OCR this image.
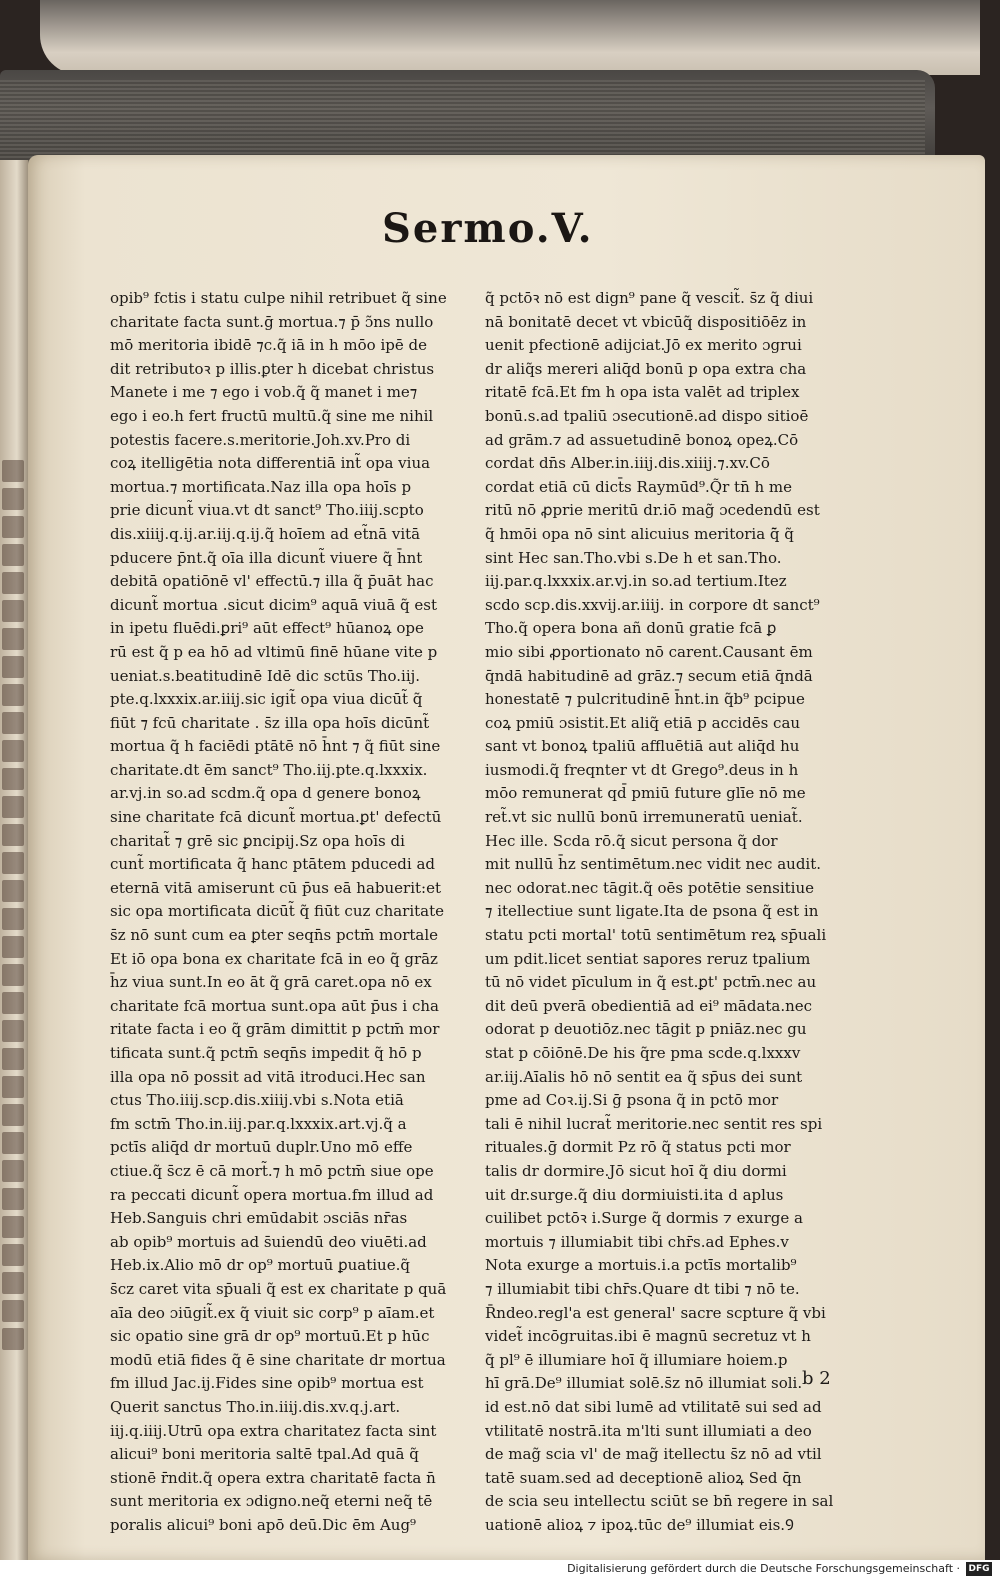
Sermo.V.
opib⁹ fctis i statu culpe nihil retribuet q̃ sine
charitate facta sunt.ḡ mortua.⁊ p̄ ɔ̃ns nullo
mō meritoria ibidē ⁊c.q̃ iā in h mōo ipē de
dit retributoꝛ p illis.ꝑter h dicebat christus
Manete i me ⁊ ego i vob.q̃ q̃ manet i me⁊
ego i eo.h fert fructū multū.q̃ sine me nihil
potestis facere.s.meritorie.Joh.xv.Pro di
coꝝ itelligētia nota differentiā int̃ opa viua
mortua.⁊ mortificata.Naz illa opa hoīs p
prie dicunt̃ viua.vt dt sanct⁹ Tho.iiij.scpto
dis.xiiij.q.ij.ar.iij.q.ij.q̃ hoīem ad et̃nā vitā
pducere p̄nt.q̃ oīa illa dicunt̃ viuere q̃ h̄nt
debitā opatiōnē vl' effectū.⁊ illa q̃ p̄uāt hac
dicunt̃ mortua .sicut dicim⁹ aquā viuā q̃ est
in ipetu fluēdi.ꝑri⁹ aūt effect⁹ hūanoꝝ ope
rū est q̃ p ea hō ad vltimū finē hūane vite p
ueniat.s.beatitudinē Idē dic sctūs Tho.iij.
pte.q.lxxxix.ar.iiij.sic igit̃ opa viua dicūt̃ q̃
fiūt ⁊ fcū charitate . s̄z illa opa hoīs dicūnt̃
mortua q̃ h faciēdi ptātē nō h̄nt ⁊ q̃ fiūt sine
charitate.dt ēm sanct⁹ Tho.iij.pte.q.lxxxix.
ar.vj.in so.ad scdm.q̃ opa d genere bonoꝝ
sine charitate fcā dicunt̃ mortua.ꝑt' defectū
charitat̃ ⁊ grē sic ꝑncipij.Sz opa hoīs di
cunt̃ mortificata q̃ hanc ptātem pducedi ad
eternā vitā amiserunt cū p̄us eā habuerit:et
sic opa mortificata dicūt̃ q̃ fiūt cuz charitate
s̄z nō sunt cum ea ꝑter seqn̄s pctm̄ mortale
Et iō opa bona ex charitate fcā in eo q̃ grāz
h̄z viua sunt.In eo āt q̃ grā caret.opa nō ex
charitate fcā mortua sunt.opa aūt p̄us i cha
ritate facta i eo q̃ grām dimittit p pctm̄ mor
tificata sunt.q̃ pctm̄ seqn̄s impedit q̃ hō p
illa opa nō possit ad vitā itroduci.Hec san
ctus Tho.iiij.scp.dis.xiiij.vbi s.Nota etiā
fm sctm̄ Tho.in.iij.par.q.lxxxix.art.vj.q̃ a
pctīs aliq̄d dr mortuū duplr.Uno mō effe
ctiue.q̃ s̄cz ē cā mort̃.⁊ h mō pctm̄ siue ope
ra peccati dicunt̃ opera mortua.fm illud ad
Heb.Sanguis chri emūdabit ɔsciās nr̄as
ab opib⁹ mortuis ad s̄uiendū deo viuēti.ad
Heb.ix.Alio mō dr op⁹ mortuū ꝑuatiue.q̃
s̄cz caret vita sp̄uali q̃ est ex charitate p quā
aīa deo ɔiūgit̃.ex q̃ viuit sic corp⁹ p aīam.et
sic opatio sine grā dr op⁹ mortuū.Et p hūc
modū etiā fides q̃ ē sine charitate dr mortua
fm illud Jac.ij.Fides sine opib⁹ mortua est
Querit sanctus Tho.in.iiij.dis.xv.q.j.art.
iij.q.iiij.Utrū opa extra charitatez facta sint
alicui⁹ boni meritoria saltē tpal.Ad quā q̃
stionē r̄ndit.q̃ opera extra charitatē facta n̄
sunt meritoria ex ɔdigno.neq̃ eterni neq̃ tē
poralis alicui⁹ boni apō deū.Dic ēm Aug⁹
q̃ pctōꝛ nō est dign⁹ pane q̃ vescit̃. s̄z q̃ diui
nā bonitatē decet vt vbicūq̃ dispositiōēz in
uenit pfectionē adijciat.Jō ex merito ɔgrui
dr aliq̃s mereri aliq̄d bonū p opa extra cha
ritatē fcā.Et fm h opa ista valēt ad triplex
bonū.s.ad tpaliū ɔsecutionē.ad dispo sitioē
ad grām.⁊ ad assuetudinē bonoꝝ opeꝝ.Cō
cordat dn̄s Alber.in.iiij.dis.xiiij.⁊.xv.Cō
cordat etiā cū dict̄s Raymūd⁹.Q̃r tn̄ h me
ritū nō ꝓprie meritū dr.iō mag̃ ɔcedendū est
q̃ hmōi opa nō sint alicuius meritoria q̄̃ q̃
sint Hec san.Tho.vbi s.De h et san.Tho.
iij.par.q.lxxxix.ar.vj.in so.ad tertium.Itez
scdo scp.dis.xxvij.ar.iiij. in corpore dt sanct⁹
Tho.q̃ opera bona añ donū gratie fcā ꝑ
mio sibi ꝓportionato nō carent.Causant ēm
q̄ndā habitudinē ad grāz.⁊ secum etiā q̄ndā
honestatē ⁊ pulcritudinē h̄nt.in q̃b⁹ pcipue
coꝝ pmiū ɔsistit.Et aliq̃ etiā p accidēs cau
sant vt bonoꝝ tpaliū affluētiā aut aliq̄d hu
iusmodi.q̃ freqnter vt dt Grego⁹.deus in h
mōo remunerat qd̄ pmiū future glīe nō me
ret̃.vt sic nullū bonū irremuneratū ueniat̃.
Hec ille. Scda rō.q̃ sicut persona q̃ dor
mit nullū h̄z sentimētum.nec vidit nec audit.
nec odorat.nec tāgit.q̃ oēs potētie sensitiue
⁊ itellectiue sunt ligate.Ita de psona q̃ est in
statu pcti mortal' totū sentimētum reꝝ sp̄uali
um pdit.licet sentiat sapores reruz tpalium
tū nō videt pīculum in q̃ est.ꝑt' pctm̄.nec au
dit deū pverā obedientiā ad ei⁹ mādata.nec
odorat p deuotiōz.nec tāgit p pniāz.nec gu
stat p cōiōnē.De his q̃re pma scde.q.lxxxv
ar.iij.Aīalis hō nō sentit ea q̃ sp̄us dei sunt
pme ad Coꝛ.ij.Si ḡ psona q̃ in pctō mor
tali ē nihil lucrat̃ meritorie.nec sentit res spi
rituales.ḡ dormit Pz rō q̃ status pcti mor
talis dr dormire.Jō sicut hoī q̃ diu dormi
uit dr.surge.q̃ diu dormiuisti.ita d aplus
cuilibet pctōꝛ i.Surge q̃ dormis ⁊ exurge a
mortuis ⁊ illumiabit tibi chr̄s.ad Ephes.v
Nota exurge a mortuis.i.a pctīs mortalib⁹
⁊ illumiabit tibi chr̄s.Quare dt tibi ⁊ nō te.
R̄ndeo.regl'a est general' sacre scpture q̃ vbi
videt̃ incōgruitas.ibi ē magnū secretuz vt h
q̃ pl⁹ ē illumiare hoī q̃ illumiare hoiem.p
hī grā.De⁹ illumiat solē.s̄z nō illumiat soli.
id est.nō dat sibi lumē ad vtilitatē sui sed ad
vtilitatē nostrā.ita m'lti sunt illumiati a deo
de mag̃ scia vl' de mag̃ itellectu s̄z nō ad vtil
tatē suam.sed ad deceptionē alioꝝ Sed q̄n
de scia seu intellectu sciūt se bn̄ regere in sal
uationē alioꝝ ⁊ ipoꝝ.tūc de⁹ illumiat eis.Ꝯ
b 2
Digitalisierung gefördert durch die Deutsche Forschungsgemeinschaft · DFG
